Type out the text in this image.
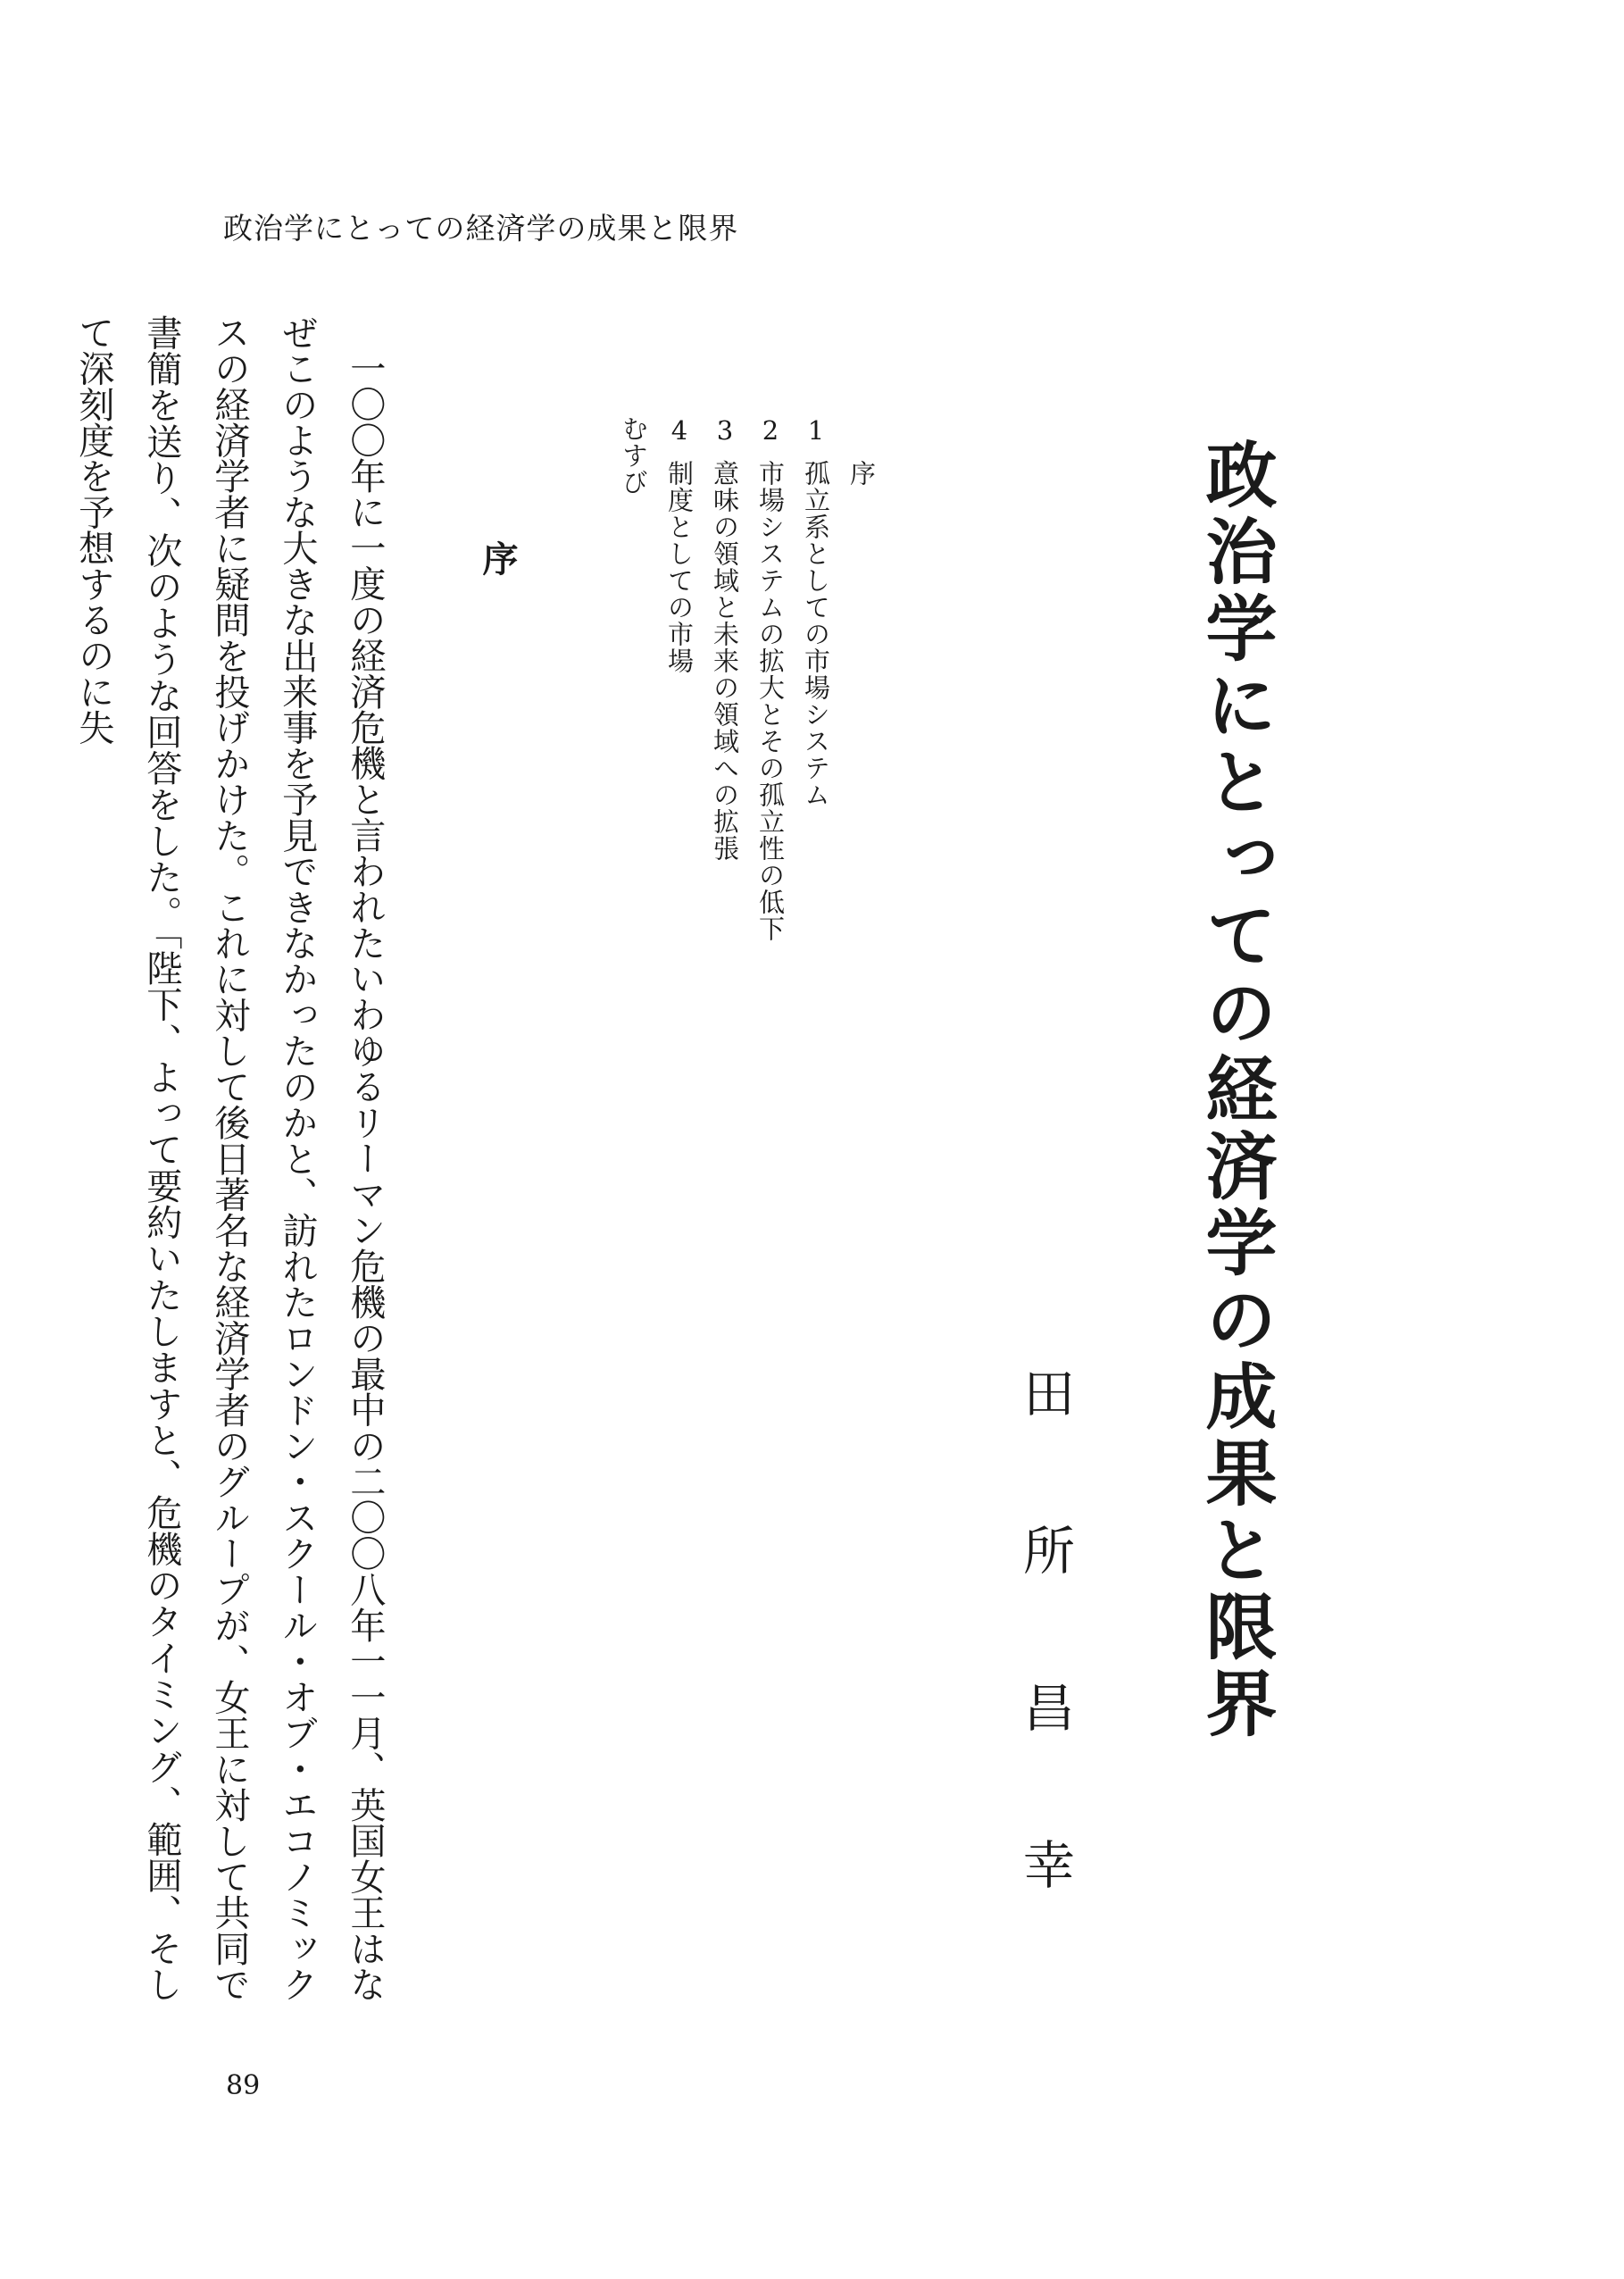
政治学にとっての経済学の成果と限界
政治学にとっての経済学の成果と限界
田所昌幸
序
1孤立系としての市場システム
2市場システムの拡大とその孤立性の低下
3意味の領域と未来の領域への拡張
4制度としての市場
むすび
序

一〇〇年に一度の経済危機と言われたいわゆるリーマン危機の最中の二〇〇八年一一月、英国女王はなぜこのような大きな出来事を予見できなかったのかと、訪れたロンドン・スクール・オブ・エコノミックスの経済学者に疑問を投げかけた。これに対して後日著名な経済学者のグループが、女王に対して共同で書簡を送り、次のような回答をした。「陛下、よって要約いたしますと、危機のタイミング、範囲、そして深刻度を予想するのに失

89
